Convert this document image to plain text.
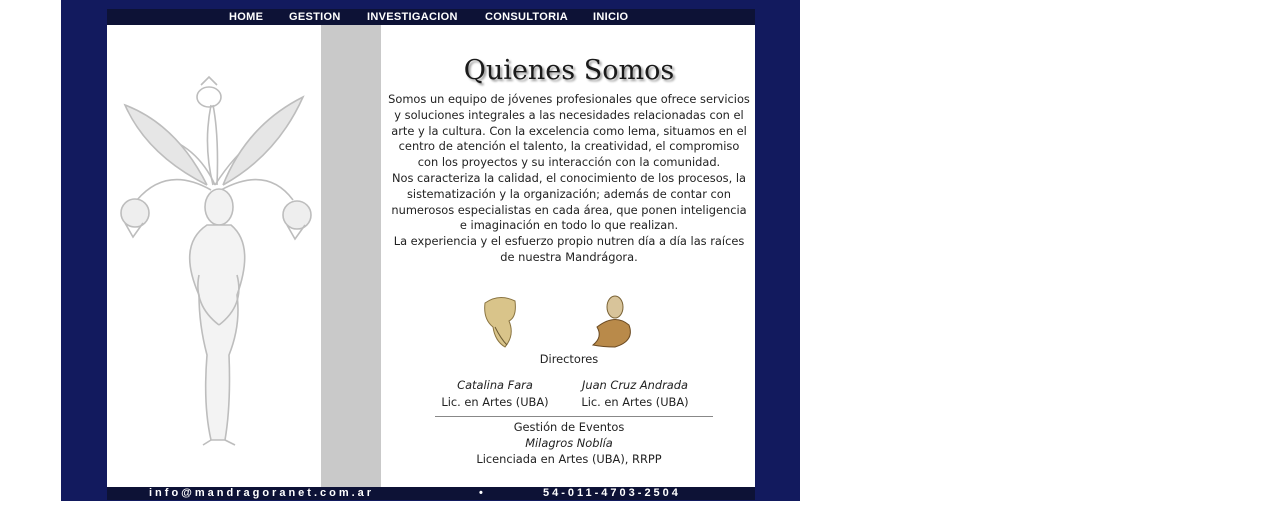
HOME GESTION INVESTIGACION CONSULTORIA INICIO
Quienes Somos
Somos un equipo de jóvenes profesionales que ofrece servicios y soluciones integrales a las necesidades relacionadas con el arte y la cultura. Con la excelencia como lema, situamos en el centro de atención el talento, la creatividad, el compromiso con los proyectos y su interacción con la comunidad.
Nos caracteriza la calidad, el conocimiento de los procesos, la sistematización y la organización; además de contar con numerosos especialistas en cada área, que ponen inteligencia e imaginación en todo lo que realizan.
La experiencia y el esfuerzo propio nutren día a día las raíces de nuestra Mandrágora.
Directores
Catalina Fara
Lic. en Artes (UBA)
Juan Cruz Andrada
Lic. en Artes (UBA)
Gestión de Eventos
Milagros Noblía
Licenciada en Artes (UBA), RRPP
info@mandragoranet.com.ar	•	54-011-4703-2504
